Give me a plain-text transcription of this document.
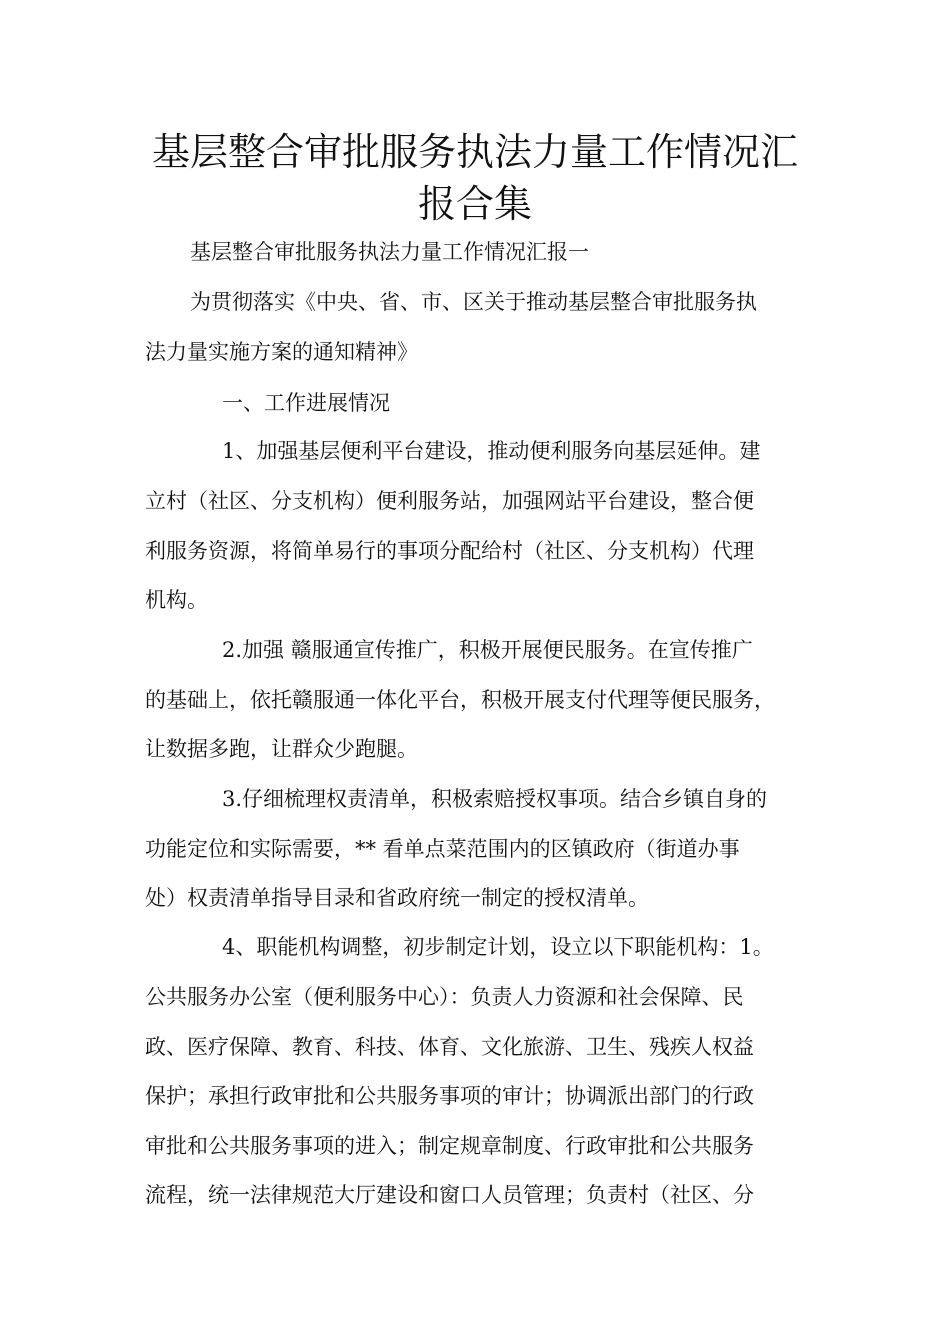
基层整合审批服务执法力量工作情况汇
报合集
基层整合审批服务执法力量工作情况汇报一
为贯彻落实《中央、省、市、区关于推动基层整合审批服务执
法力量实施方案的通知精神》
一、工作进展情况
1、加强基层便利平台建设，推动便利服务向基层延伸。建
立村（社区、分支机构）便利服务站，加强网站平台建设，整合便
利服务资源，将简单易行的事项分配给村（社区、分支机构）代理
机构。
2.加强 赣服通宣传推广，积极开展便民服务。在宣传推广
的基础上，依托赣服通一体化平台，积极开展支付代理等便民服务，
让数据多跑，让群众少跑腿。
3.仔细梳理权责清单，积极索赔授权事项。结合乡镇自身的
功能定位和实际需要，** 看单点菜范围内的区镇政府（街道办事
处）权责清单指导目录和省政府统一制定的授权清单。
4、职能机构调整，初步制定计划，设立以下职能机构：1。
公共服务办公室（便利服务中心）：负责人力资源和社会保障、民
政、医疗保障、教育、科技、体育、文化旅游、卫生、残疾人权益
保护；承担行政审批和公共服务事项的审计；协调派出部门的行政
审批和公共服务事项的进入；制定规章制度、行政审批和公共服务
流程，统一法律规范大厅建设和窗口人员管理；负责村（社区、分
